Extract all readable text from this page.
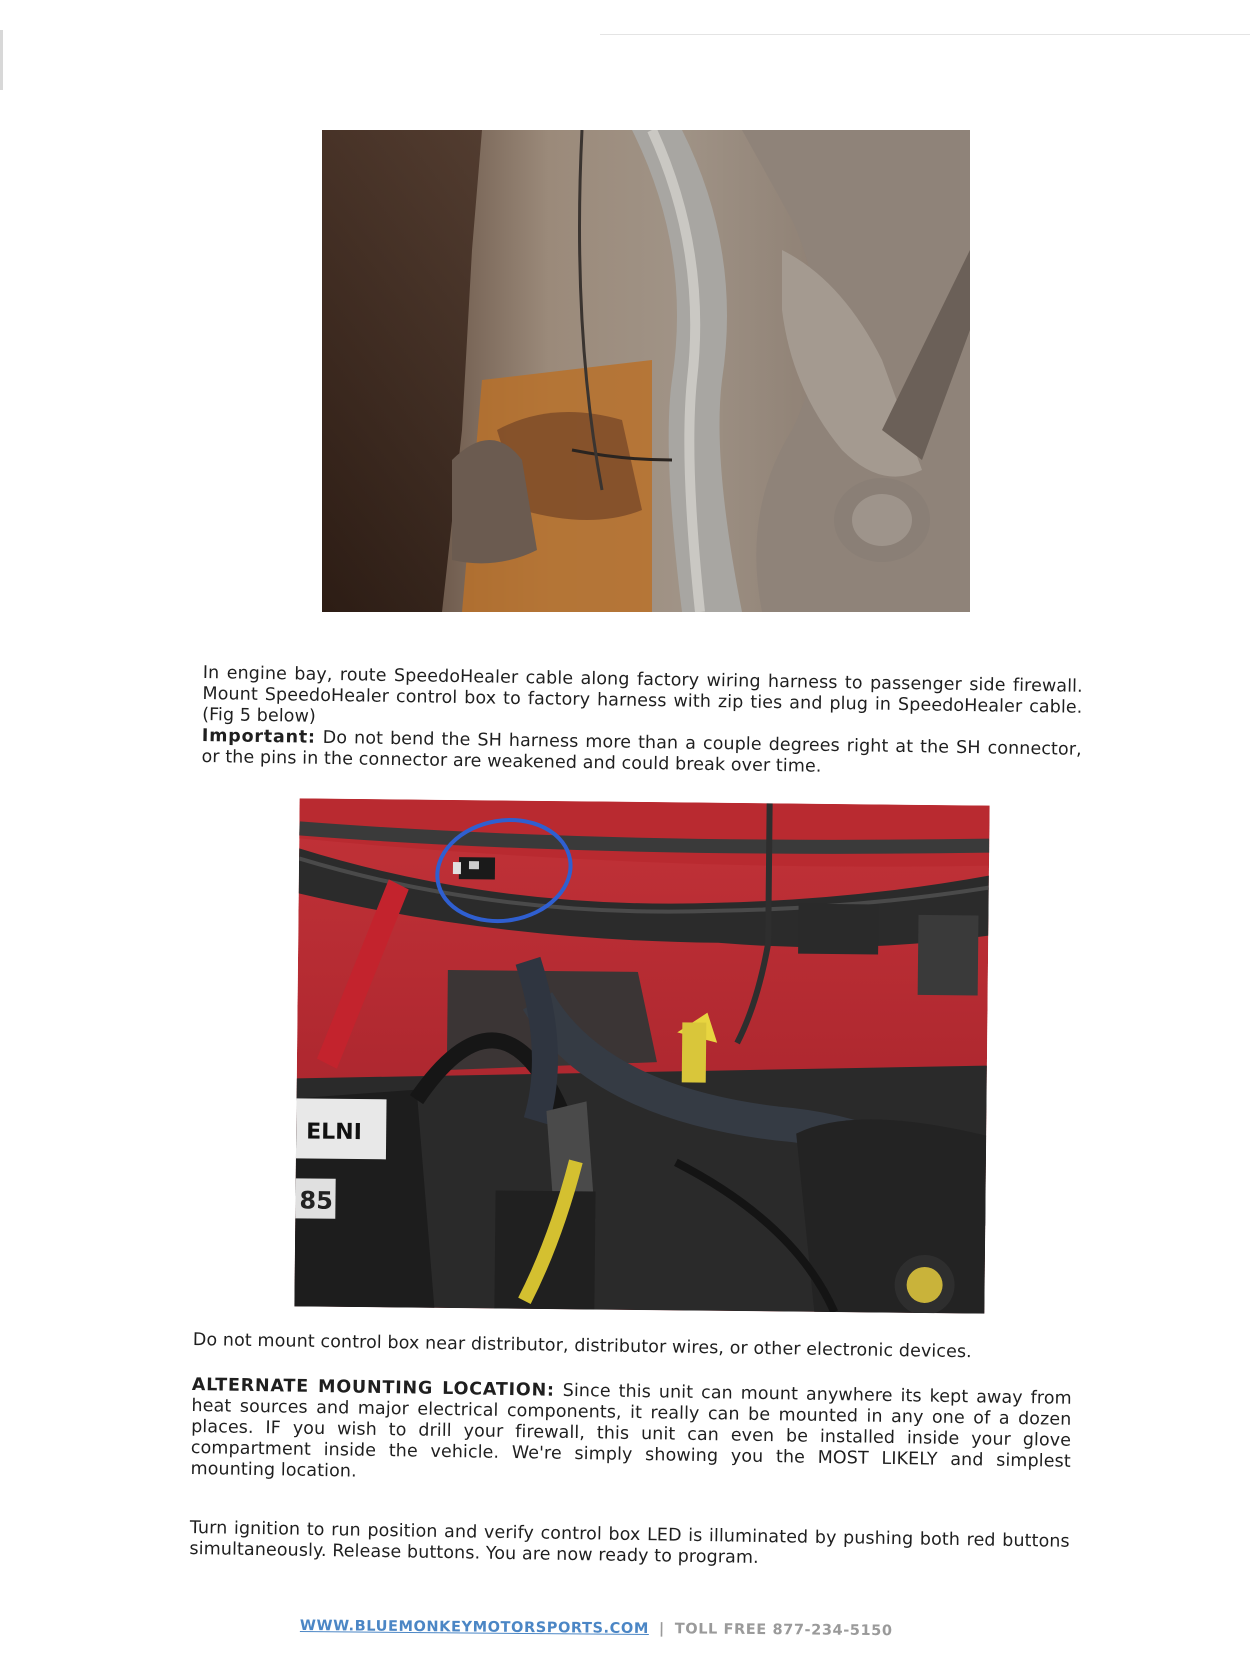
In engine bay, route SpeedoHealer cable along factory wiring harness to passenger side firewall. Mount SpeedoHealer control box to factory harness with zip ties and plug in SpeedoHealer cable. (Fig 5 below)

Important: Do not bend the SH harness more than a couple degrees right at the SH connector, or the pins in the connector are weakened and could break over time.

ELNI
85

Do not mount control box near distributor, distributor wires, or other electronic devices.

ALTERNATE MOUNTING LOCATION: Since this unit can mount anywhere its kept away from heat sources and major electrical components, it really can be mounted in any one of a dozen places. IF you wish to drill your firewall, this unit can even be installed inside your glove compartment inside the vehicle. We're simply showing you the MOST LIKELY and simplest mounting location.

Turn ignition to run position and verify control box LED is illuminated by pushing both red buttons simultaneously. Release buttons. You are now ready to program.

WWW.BLUEMONKEYMOTORSPORTS.COM | TOLL FREE 877-234-5150
